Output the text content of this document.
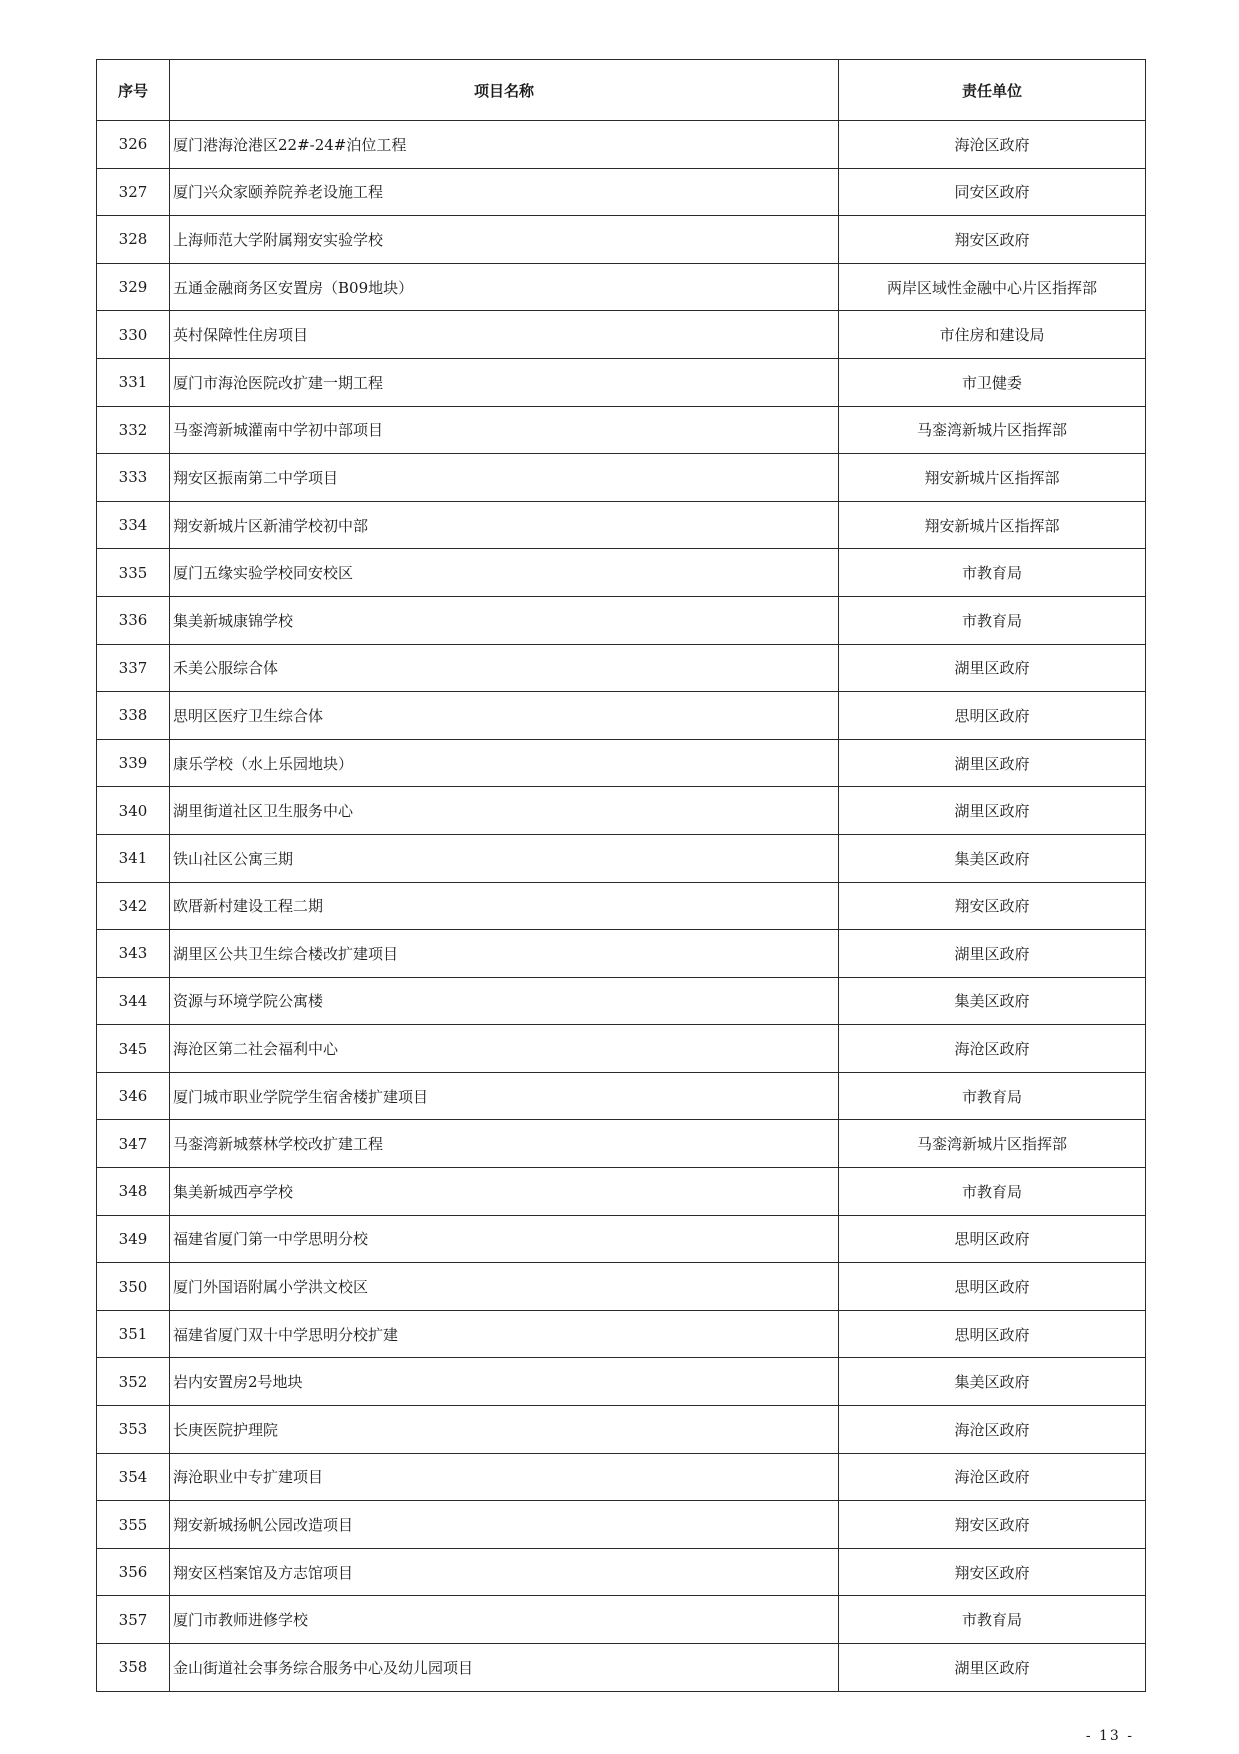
序号	项目名称	责任单位
326	厦门港海沧港区22#-24#泊位工程	海沧区政府
327	厦门兴众家颐养院养老设施工程	同安区政府
328	上海师范大学附属翔安实验学校	翔安区政府
329	五通金融商务区安置房（B09地块）	两岸区域性金融中心片区指挥部
330	英村保障性住房项目	市住房和建设局
331	厦门市海沧医院改扩建一期工程	市卫健委
332	马銮湾新城灌南中学初中部项目	马銮湾新城片区指挥部
333	翔安区振南第二中学项目	翔安新城片区指挥部
334	翔安新城片区新浦学校初中部	翔安新城片区指挥部
335	厦门五缘实验学校同安校区	市教育局
336	集美新城康锦学校	市教育局
337	禾美公服综合体	湖里区政府
338	思明区医疗卫生综合体	思明区政府
339	康乐学校（水上乐园地块）	湖里区政府
340	湖里街道社区卫生服务中心	湖里区政府
341	铁山社区公寓三期	集美区政府
342	欧厝新村建设工程二期	翔安区政府
343	湖里区公共卫生综合楼改扩建项目	湖里区政府
344	资源与环境学院公寓楼	集美区政府
345	海沧区第二社会福利中心	海沧区政府
346	厦门城市职业学院学生宿舍楼扩建项目	市教育局
347	马銮湾新城蔡林学校改扩建工程	马銮湾新城片区指挥部
348	集美新城西亭学校	市教育局
349	福建省厦门第一中学思明分校	思明区政府
350	厦门外国语附属小学洪文校区	思明区政府
351	福建省厦门双十中学思明分校扩建	思明区政府
352	岩内安置房2号地块	集美区政府
353	长庚医院护理院	海沧区政府
354	海沧职业中专扩建项目	海沧区政府
355	翔安新城扬帆公园改造项目	翔安区政府
356	翔安区档案馆及方志馆项目	翔安区政府
357	厦门市教师进修学校	市教育局
358	金山街道社会事务综合服务中心及幼儿园项目	湖里区政府
- 13 -
